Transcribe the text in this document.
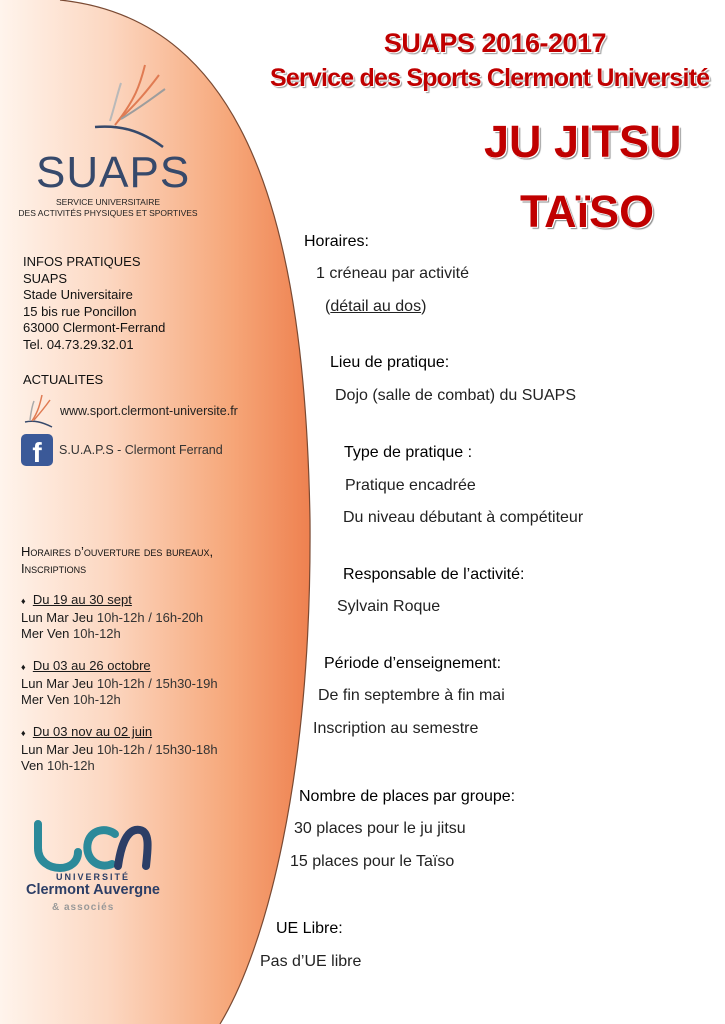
SUAPS 2016-2017
Service des Sports Clermont Université
JU JITSU
TAïSO
SUAPS
SERVICE UNIVERSITAIRE
DES ACTIVITÉS PHYSIQUES ET SPORTIVES
INFOS PRATIQUES
SUAPS
Stade Universitaire
15 bis rue Poncillon
63000 Clermont-Ferrand
Tel. 04.73.29.32.01
ACTUALITES
www.sport.clermont-universite.fr
f	S.U.A.P.S - Clermont Ferrand
Horaires d’ouverture des bureaux,
Inscriptions
♦ Du 19 au 30 sept
Lun Mar Jeu 10h-12h / 16h-20h
Mer Ven 10h-12h
♦ Du 03 au 26 octobre
Lun Mar Jeu 10h-12h / 15h30-19h
Mer Ven 10h-12h
♦ Du 03 nov au 02 juin
Lun Mar Jeu 10h-12h / 15h30-18h
Ven 10h-12h
UNIVERSITÉ
Clermont Auvergne
& associés
Horaires:
1 créneau par activité
(détail au dos)
Lieu de pratique:
Dojo (salle de combat) du SUAPS
Type de pratique :
Pratique encadrée
Du niveau débutant à compétiteur
Responsable de l’activité:
Sylvain Roque
Période d’enseignement:
De fin septembre à fin mai
Inscription au semestre
Nombre de places par groupe:
30 places pour le ju jitsu
15 places pour le Taïso
UE Libre:
Pas d’UE libre
